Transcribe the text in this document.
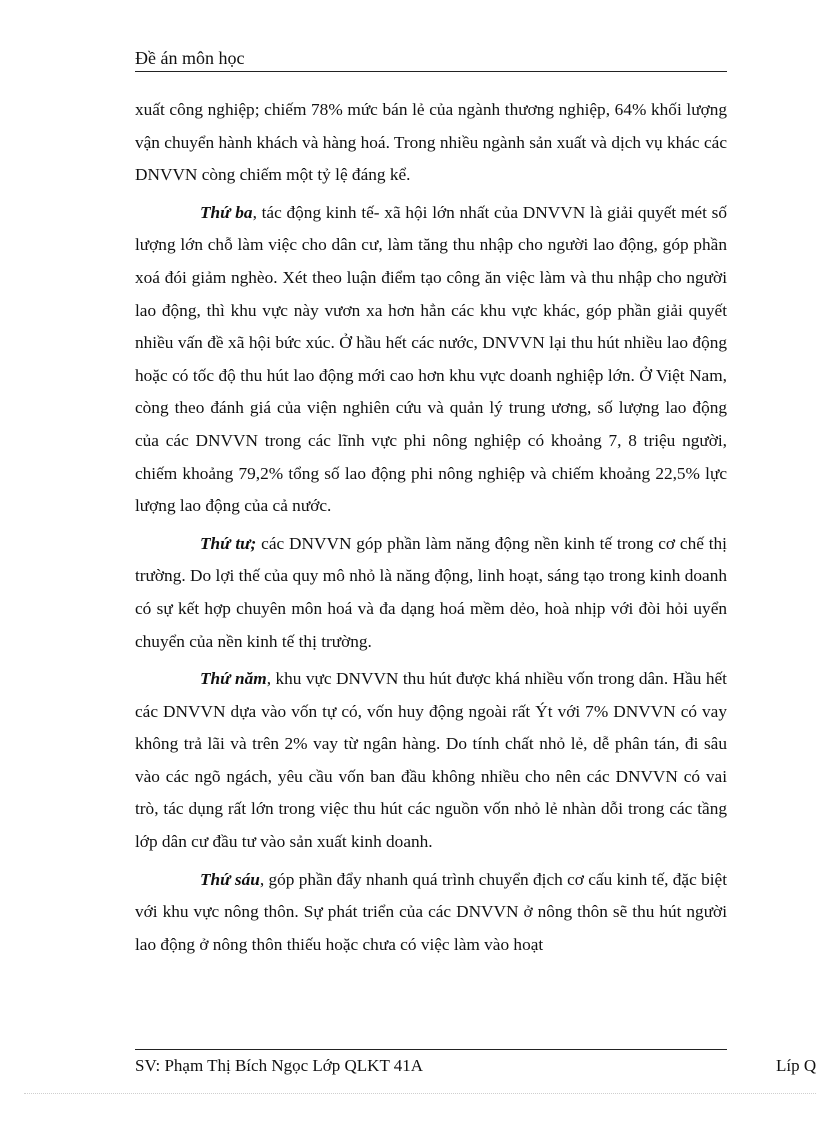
Đề án môn học

xuất công nghiệp; chiếm 78% mức bán lẻ của ngành thương nghiệp, 64% khối lượng vận chuyển hành khách và hàng hoá. Trong nhiều ngành sản xuất và dịch vụ khác các DNVVN còng chiếm một tỷ lệ đáng kể.

Thứ ba, tác động kinh tế- xã hội lớn nhất của DNVVN là giải quyết mét số lượng lớn chỗ làm việc cho dân cư, làm tăng thu nhập cho người lao động, góp phần xoá đói giảm nghèo. Xét theo luận điểm tạo công ăn việc làm và thu nhập cho người lao động, thì khu vực này vươn xa hơn hẳn các khu vực khác, góp phần giải quyết nhiều vấn đề xã hội bức xúc. Ở hầu hết các nước, DNVVN lại thu hút nhiều lao động hoặc có tốc độ thu hút lao động mới cao hơn khu vực doanh nghiệp lớn. Ở Việt Nam, còng theo đánh giá của viện nghiên cứu và quản lý trung ương, số lượng lao động của các DNVVN trong các lĩnh vực phi nông nghiệp có khoảng 7, 8 triệu người, chiếm khoảng 79,2% tổng số lao động phi nông nghiệp và chiếm khoảng 22,5% lực lượng lao động của cả nước.

Thứ tư; các DNVVN góp phần làm năng động nền kinh tế trong cơ chế thị trường. Do lợi thế của quy mô nhỏ là năng động, linh hoạt, sáng tạo trong kinh doanh có sự kết hợp chuyên môn hoá và đa dạng hoá mềm dẻo, hoà nhịp với đòi hỏi uyển chuyển của nền kinh tế thị trường.

Thứ năm, khu vực DNVVN thu hút được khá nhiều vốn trong dân. Hầu hết các DNVVN dựa vào vốn tự có, vốn huy động ngoài rất Ýt với 7% DNVVN có vay không trả lãi và trên 2% vay từ ngân hàng. Do tính chất nhỏ lẻ, dễ phân tán, đi sâu vào các ngõ ngách, yêu cầu vốn ban đầu không nhiều cho nên các DNVVN có vai trò, tác dụng rất lớn trong việc thu hút các nguồn vốn nhỏ lẻ nhàn dỗi trong các tầng lớp dân cư đầu tư vào sản xuất kinh doanh.

Thứ sáu, góp phần đẩy nhanh quá trình chuyển địch cơ cấu kinh tế, đặc biệt với khu vực nông thôn. Sự phát triển của các DNVVN ở nông thôn sẽ thu hút người lao động ở nông thôn thiếu hoặc chưa có việc làm vào hoạt

SV: Phạm Thị Bích Ngọc Lớp QLKT 41A	Líp Q
